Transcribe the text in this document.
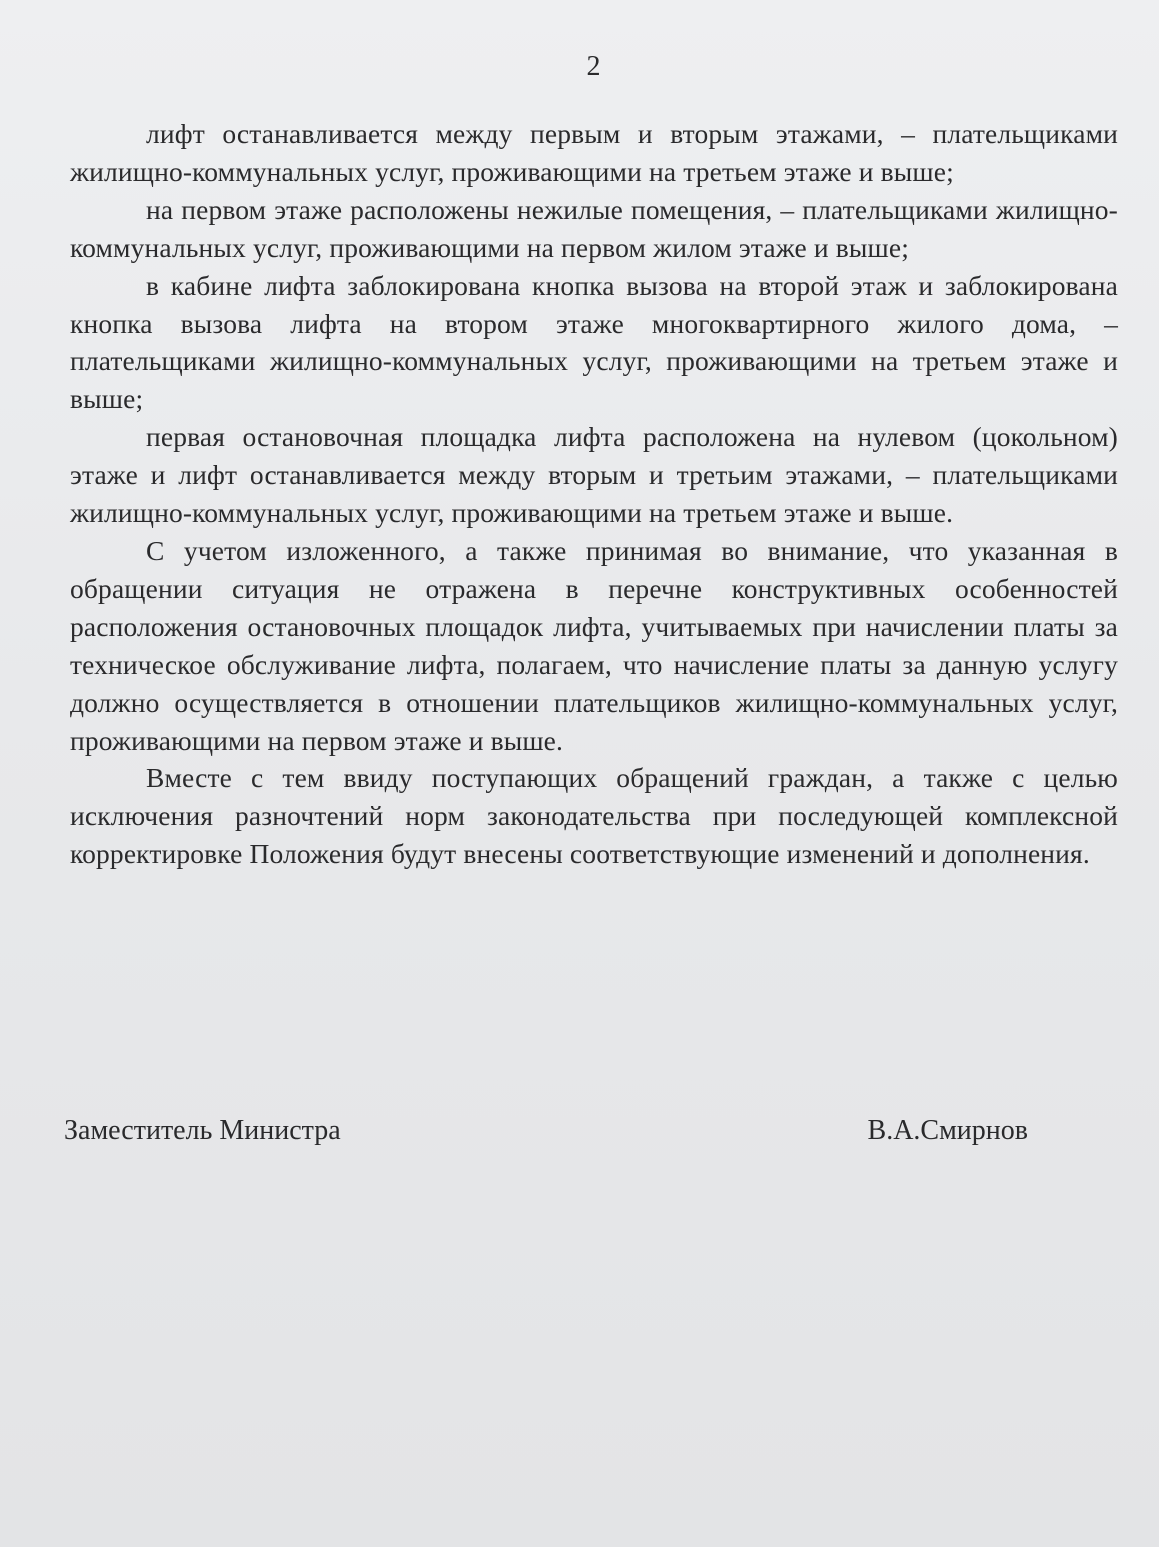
2

лифт останавливается между первым и вторым этажами, – плательщиками жилищно-коммунальных услуг, проживающими на третьем этаже и выше;

на первом этаже расположены нежилые помещения, – плательщиками жилищно-коммунальных услуг, проживающими на первом жилом этаже и выше;

в кабине лифта заблокирована кнопка вызова на второй этаж и заблокирована кнопка вызова лифта на втором этаже многоквартирного жилого дома, – плательщиками жилищно-коммунальных услуг, проживающими на третьем этаже и выше;

первая остановочная площадка лифта расположена на нулевом (цокольном) этаже и лифт останавливается между вторым и третьим этажами, – плательщиками жилищно-коммунальных услуг, проживающими на третьем этаже и выше.

С учетом изложенного, а также принимая во внимание, что указанная в обращении ситуация не отражена в перечне конструктивных особенностей расположения остановочных площадок лифта, учитываемых при начислении платы за техническое обслуживание лифта, полагаем, что начисление платы за данную услугу должно осуществляется в отношении плательщиков жилищно-коммунальных услуг, проживающими на первом этаже и выше.

Вместе с тем ввиду поступающих обращений граждан, а также с целью исключения разночтений норм законодательства при последующей комплексной корректировке Положения будут внесены соответствующие изменений и дополнения.

Заместитель Министра	В.А.Смирнов
